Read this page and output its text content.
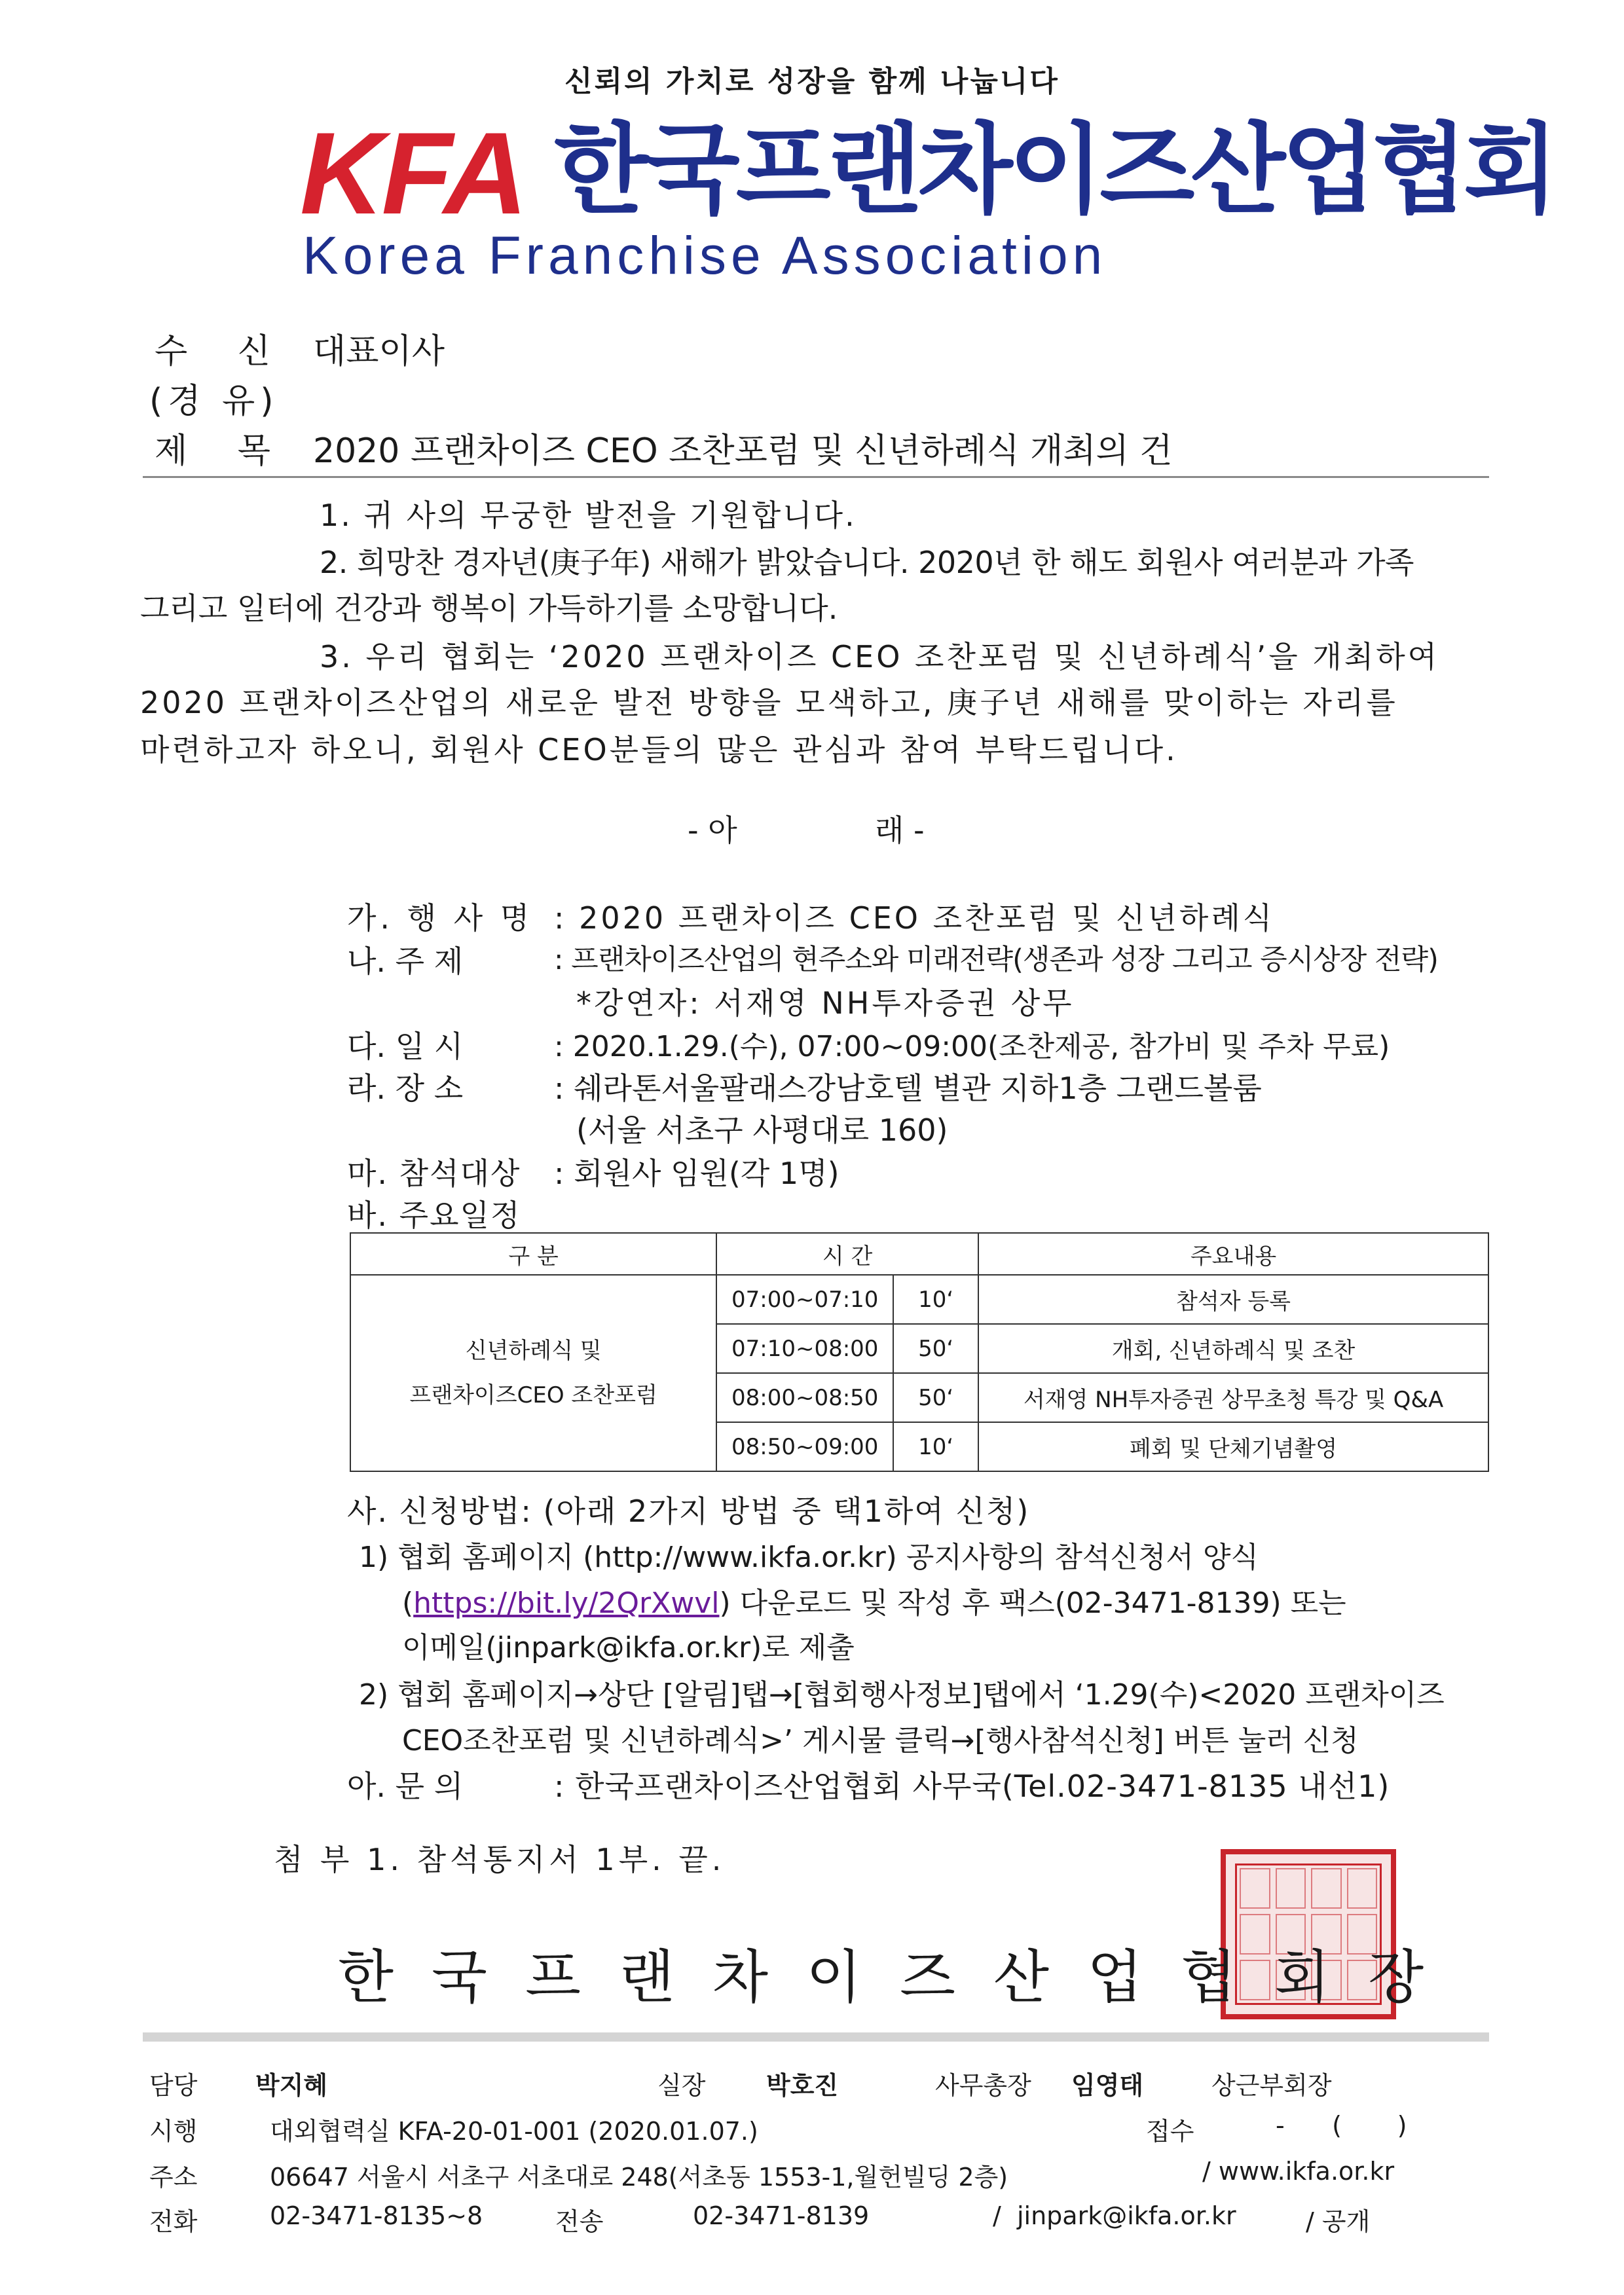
신뢰의 가치로 성장을 함께 나눕니다
KFA 한국프랜차이즈산업협회
Korea Franchise Association
수 신 대표이사
(경 유)
제 목 2020 프랜차이즈 CEO 조찬포럼 및 신년하례식 개최의 건
1. 귀 사의 무궁한 발전을 기원합니다.
2. 희망찬 경자년(庚子年) 새해가 밝았습니다. 2020년 한 해도 회원사 여러분과 가족
그리고 일터에 건강과 행복이 가득하기를 소망합니다.
3. 우리 협회는 ‘2020 프랜차이즈 CEO 조찬포럼 및 신년하례식’을 개최하여
2020 프랜차이즈산업의 새로운 발전 방향을 모색하고, 庚子년 새해를 맞이하는 자리를
마련하고자 하오니, 회원사 CEO분들의 많은 관심과 참여 부탁드립니다.
- 아	래 -
가. 행 사 명 : 2020 프랜차이즈 CEO 조찬포럼 및 신년하례식
나. 주 제	: 프랜차이즈산업의 현주소와 미래전략(생존과 성장 그리고 증시상장 전략)
*강연자: 서재영 NH투자증권 상무
다. 일 시	: 2020.1.29.(수), 07:00~09:00(조찬제공, 참가비 및 주차 무료)
라. 장 소	: 쉐라톤서울팔래스강남호텔 별관 지하1층 그랜드볼룸
(서울 서초구 사평대로 160)
마. 참석대상 : 회원사 임원(각 1명)
바. 주요일정
구 분	시 간		주요내용

신년하례식 및
프랜차이즈CEO 조찬포럼	07:00~07:10	10‘	참석자 등록
	07:10~08:00	50‘	개회, 신년하례식 및 조찬
	08:00~08:50	50‘	서재영 NH투자증권 상무초청 특강 및 Q&A
	08:50~09:00	10‘	폐회 및 단체기념촬영
사. 신청방법: (아래 2가지 방법 중 택1하여 신청)
1) 협회 홈페이지 (http://www.ikfa.or.kr) 공지사항의 참석신청서 양식
(https://bit.ly/2QrXwvl) 다운로드 및 작성 후 팩스(02-3471-8139) 또는
이메일(jinpark@ikfa.or.kr)로 제출
2) 협회 홈페이지→상단 [알림]탭→[협회행사정보]탭에서 ‘1.29(수)<2020 프랜차이즈
CEO조찬포럼 및 신년하례식>’ 게시물 클릭→[행사참석신청] 버튼 눌러 신청
아. 문 의	: 한국프랜차이즈산업협회 사무국(Tel.02-3471-8135 내선1)
첨 부 1. 참석통지서 1부. 끝.
한국프랜차이즈산업협회장
담당 박지혜	실장 박호진	사무총장 임영태	상근부회장
시행	대외협력실 KFA-20-01-001 (2020.01.07.)	접수	-      (       )
주소	06647 서울시 서초구 서초대로 248(서초동 1553-1,월헌빌딩 2층)	/ www.ikfa.or.kr
전화	02-3471-8135~8	전송	02-3471-8139	/  jinpark@ikfa.or.kr	/ 공개
